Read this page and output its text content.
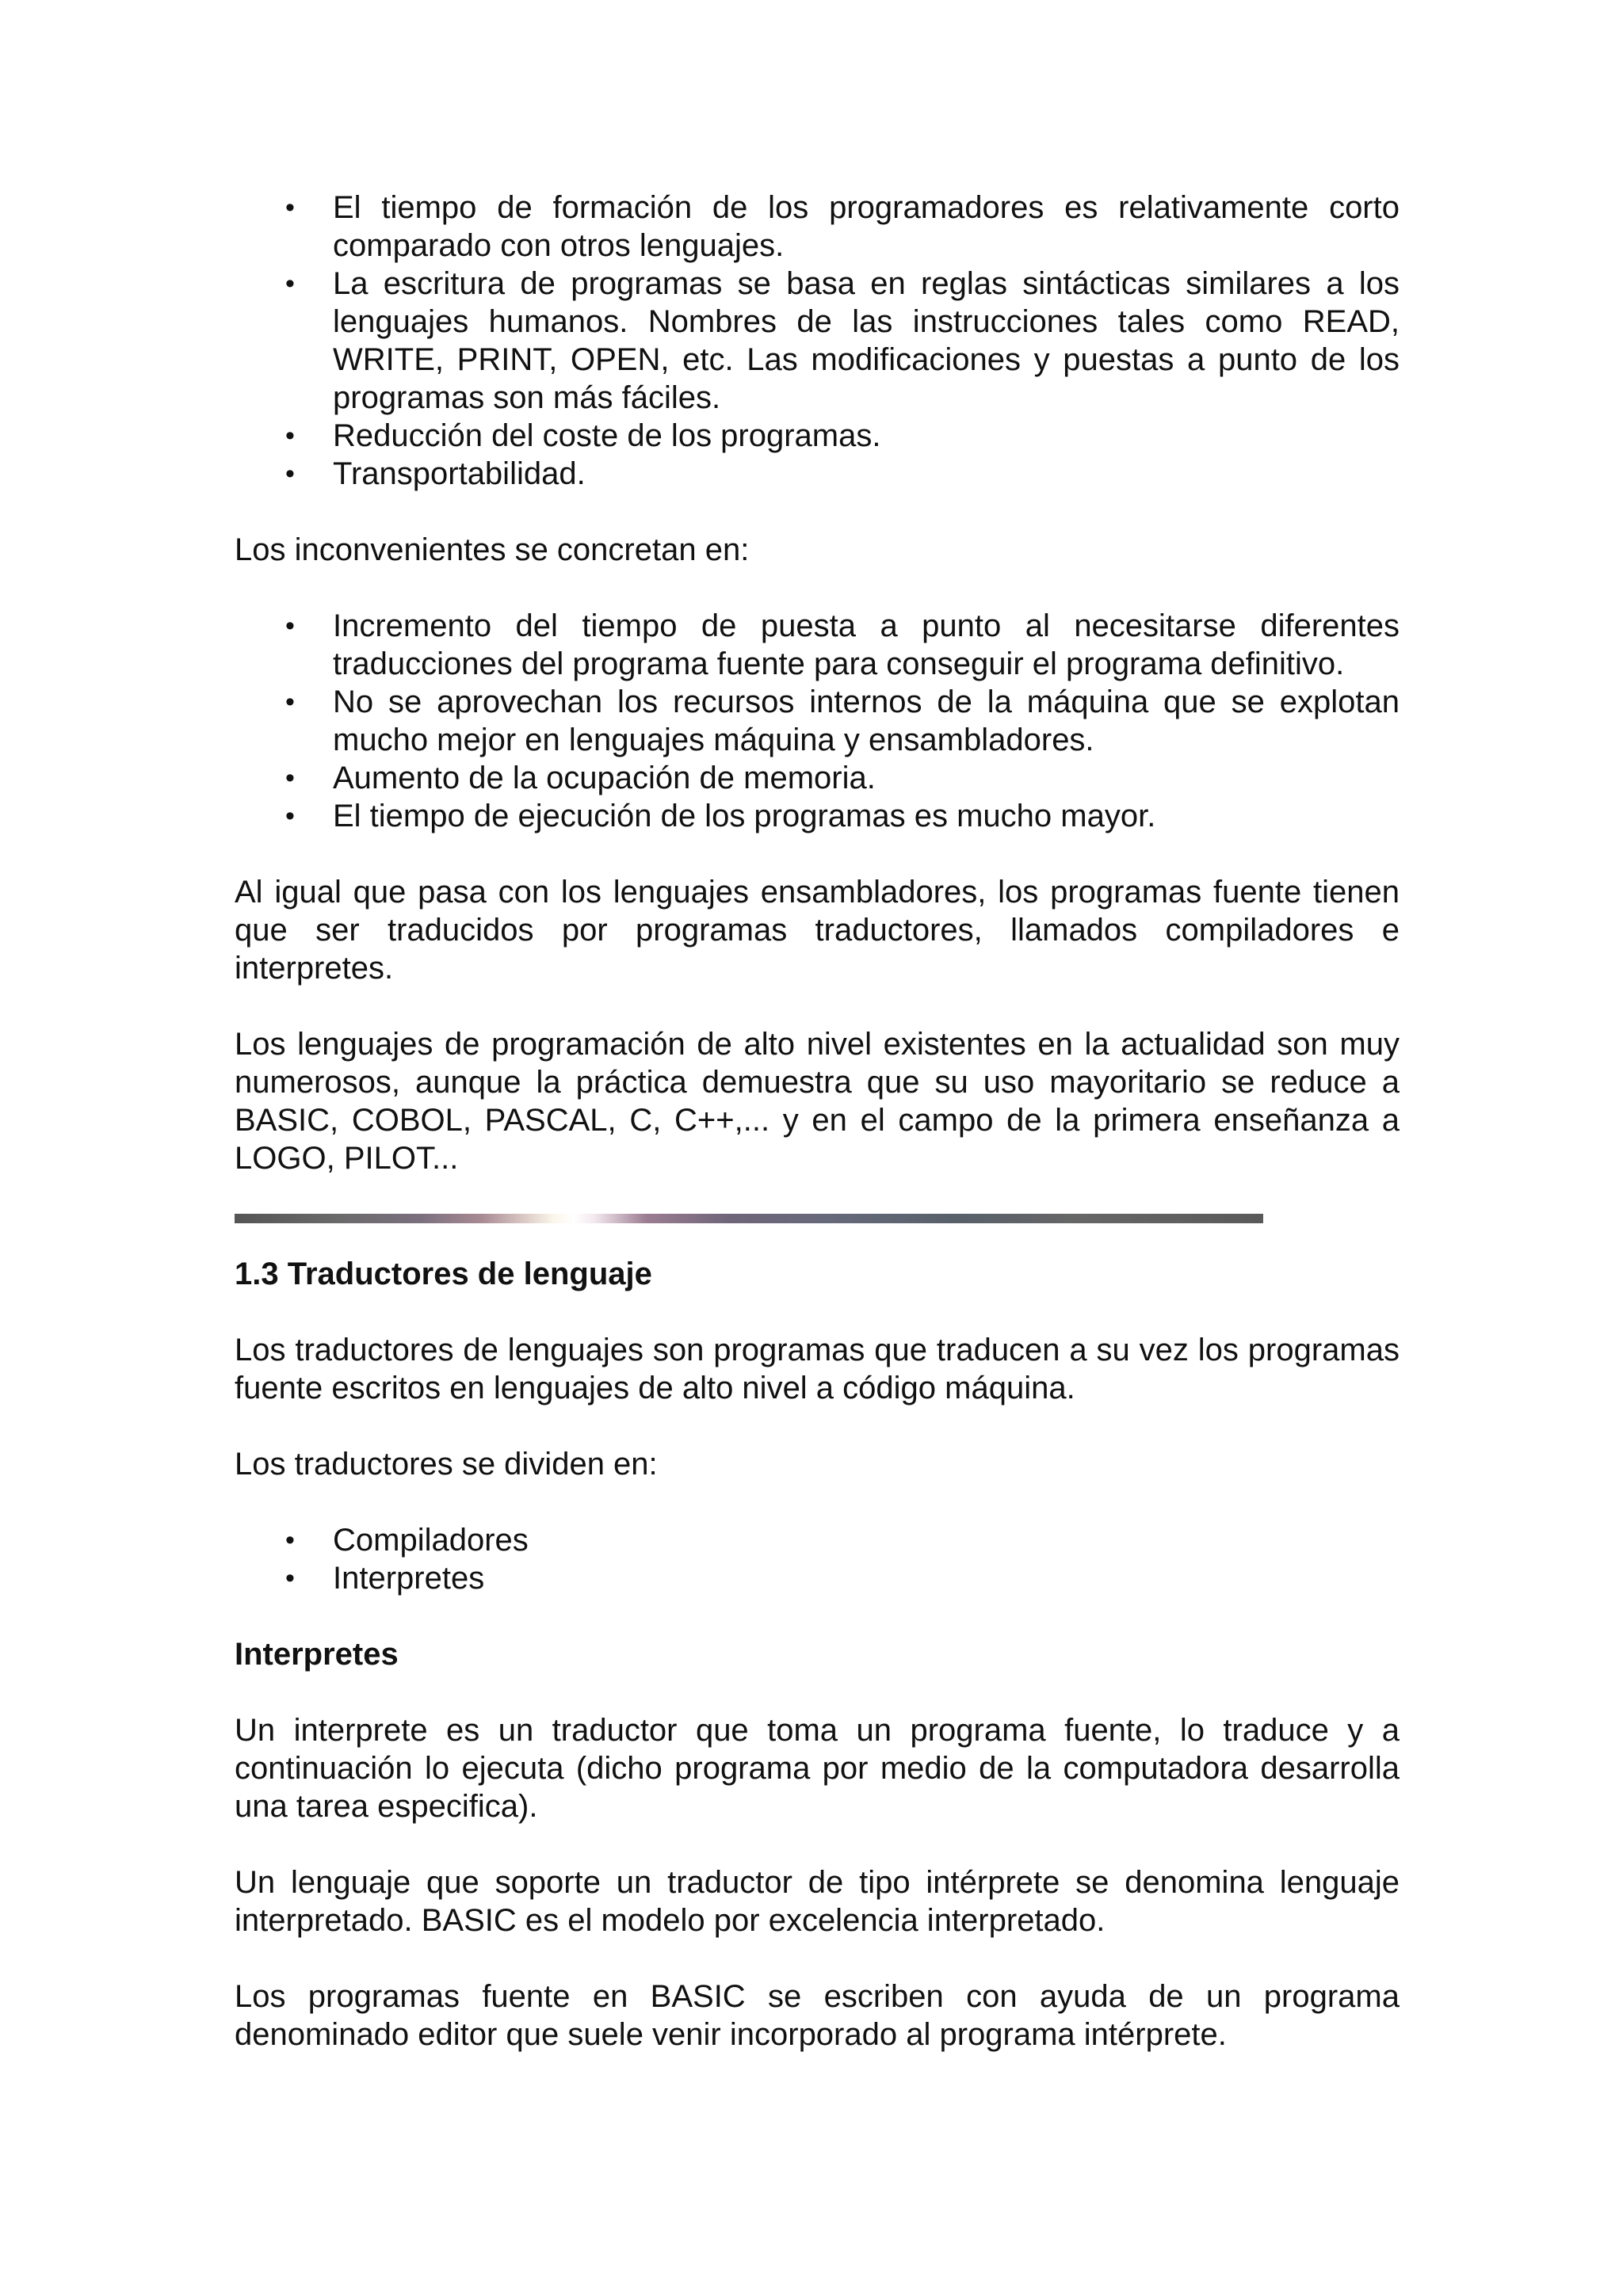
• El tiempo de formación de los programadores es relativamente corto comparado con otros lenguajes.
• La escritura de programas se basa en reglas sintácticas similares a los lenguajes humanos. Nombres de las instrucciones tales como READ, WRITE, PRINT, OPEN, etc. Las modificaciones y puestas a punto de los programas son más fáciles.
• Reducción del coste de los programas.
• Transportabilidad.

Los inconvenientes se concretan en:

• Incremento del tiempo de puesta a punto al necesitarse diferentes traducciones del programa fuente para conseguir el programa definitivo.
• No se aprovechan los recursos internos de la máquina que se explotan mucho mejor en lenguajes máquina y ensambladores.
• Aumento de la ocupación de memoria.
• El tiempo de ejecución de los programas es mucho mayor.

Al igual que pasa con los lenguajes ensambladores, los programas fuente tienen que ser traducidos por programas traductores, llamados compiladores e interpretes.

Los lenguajes de programación de alto nivel existentes en la actualidad son muy numerosos, aunque la práctica demuestra que su uso mayoritario se reduce a BASIC, COBOL, PASCAL, C, C++,... y en el campo de la primera enseñanza a LOGO, PILOT...

1.3 Traductores de lenguaje

Los traductores de lenguajes son programas que traducen a su vez los programas fuente escritos en lenguajes de alto nivel a código máquina.

Los traductores se dividen en:

• Compiladores
• Interpretes

Interpretes

Un interprete es un traductor que toma un programa fuente, lo traduce y a continuación lo ejecuta (dicho programa por medio de la computadora desarrolla una tarea especifica).

Un lenguaje que soporte un traductor de tipo intérprete se denomina lenguaje interpretado. BASIC es el modelo por excelencia interpretado.

Los programas fuente en BASIC se escriben con ayuda de un programa denominado editor que suele venir incorporado al programa intérprete.
